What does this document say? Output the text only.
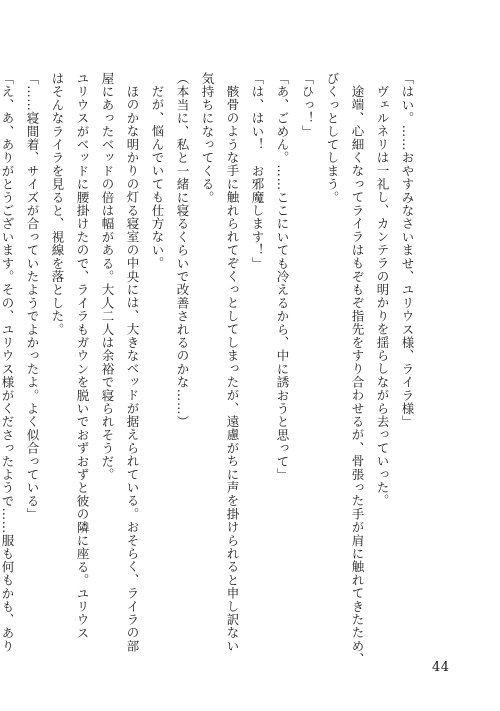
「はい。……おやすみなさいませ、ユリウス様、ライラ様」
ヴェルネリは一礼し、カンテラの明かりを揺らしながら去っていった。
途端、心細くなってライラはもぞもぞ指先をすり合わせるが、骨張った手が肩に触れてきたため、
びくっとしてしまう。
「ひっ！」
「あ、ごめん。……ここにいても冷えるから、中に誘おうと思って」
「は、はい！　お邪魔します！」
骸骨のような手に触れられてぞくっとしてしまったが、遠慮がちに声を掛けられると申し訳ない
気持ちになってくる。
（本当に、私と一緒に寝るくらいで改善されるのかな……）
だが、悩んでいても仕方ない。
ほのかな明かりの灯る寝室の中央には、大きなベッドが据えられている。おそらく、ライラの部
屋にあったベッドの倍は幅がある。大人二人は余裕で寝られそうだ。
ユリウスがベッドに腰掛けたので、ライラもガウンを脱いでおずおずと彼の隣に座る。ユリウス
はそんなライラを見ると、視線を落とした。
「……寝間着、サイズが合っていたようでよかったよ。よく似合っている」
「え、あ、ありがとうございます。その、ユリウス様がくださったようで……服も何もかも、あり
44
